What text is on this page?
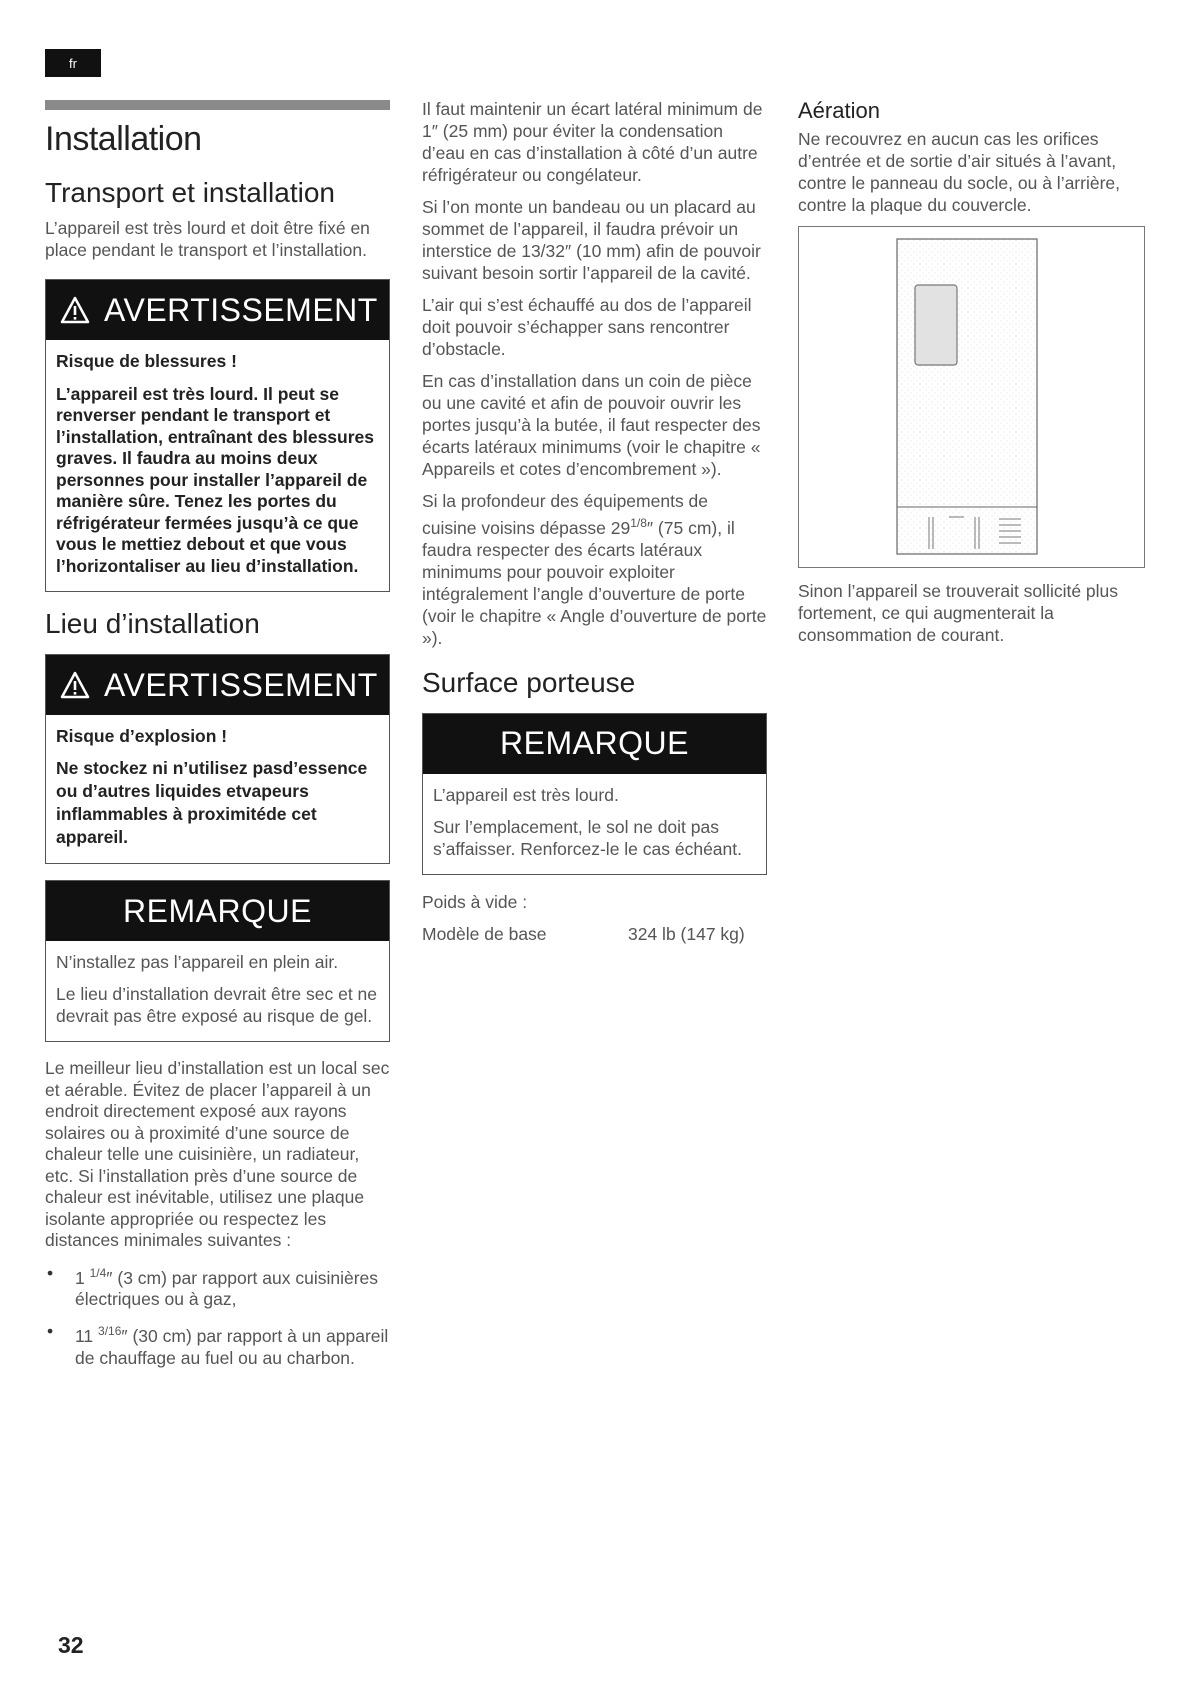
fr
Installation
Transport et installation

L’appareil est très lourd et doit être fixé en place pendant le transport et l’installation.

AVERTISSEMENT

Risque de blessures !

L’appareil est très lourd. Il peut se renverser pendant le transport et l’installation, entraînant des blessures graves. Il faudra au moins deux personnes pour installer l’appareil de manière sûre. Tenez les portes du réfrigérateur fermées jusqu’à ce que vous le mettiez debout et que vous l’horizontaliser au lieu d’installation.

Lieu d’installation
AVERTISSEMENT

Risque d’explosion !

Ne stockez ni n’utilisez pasd’essence ou d’autres liquides etvapeurs inflammables à proximitéde cet appareil.

REMARQUE

N’installez pas l’appareil en plein air.

Le lieu d’installation devrait être sec et ne devrait pas être exposé au risque de gel.

Le meilleur lieu d’installation est un local sec et aérable. Évitez de placer l’appareil à un endroit directement exposé aux rayons solaires ou à proximité d’une source de chaleur telle une cuisinière, un radiateur, etc. Si l’installation près d’une source de chaleur est inévitable, utilisez une plaque isolante appropriée ou respectez les distances minimales suivantes :

• 1 $^{1/4}$″ (3 cm) par rapport aux cuisinières électriques ou à gaz,
• 11 $^{3/16}$″ (30 cm) par rapport à un appareil de chauffage au fuel ou au charbon.

Il faut maintenir un écart latéral minimum de 1″ (25 mm) pour éviter la condensation d’eau en cas d’installation à côté d’un autre réfrigérateur ou congélateur.

Si l’on monte un bandeau ou un placard au sommet de l’appareil, il faudra prévoir un interstice de 13/32″ (10 mm) afin de pouvoir suivant besoin sortir l’appareil de la cavité.

L’air qui s’est échauffé au dos de l’appareil doit pouvoir s’échapper sans rencontrer d’obstacle.

En cas d’installation dans un coin de pièce ou une cavité et afin de pouvoir ouvrir les portes jusqu’à la butée, il faut respecter des écarts latéraux minimums (voir le chapitre « Appareils et cotes d’encombrement »).

Si la profondeur des équipements de cuisine voisins dépasse $29^{1/8}''$ (75 cm), il faudra respecter des écarts latéraux minimums pour pouvoir exploiter intégralement l’angle d’ouverture de porte (voir le chapitre « Angle d’ouverture de porte »).

Surface porteuse
REMARQUE

L’appareil est très lourd.

Sur l’emplacement, le sol ne doit pas s’affaisser. Renforcez-le le cas échéant.

Poids à vide :

Modèle de base	324 lb (147 kg)
Aération

Ne recouvrez en aucun cas les orifices d’entrée et de sortie d’air situés à l’avant, contre le panneau du socle, ou à l’arrière, contre la plaque du couvercle.

Sinon l’appareil se trouverait sollicité plus fortement, ce qui augmenterait la consommation de courant.

32
